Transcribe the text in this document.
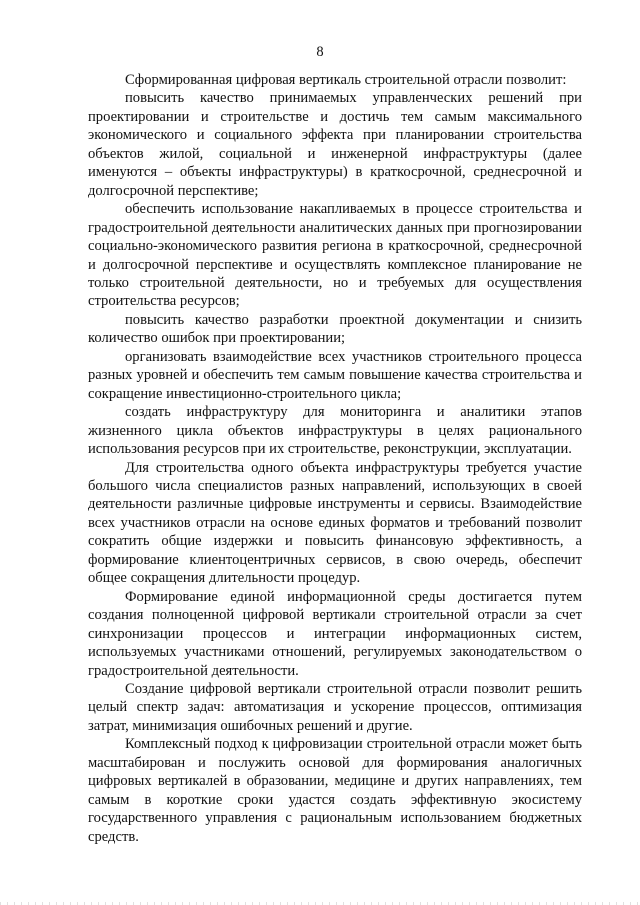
8

Сформированная цифровая вертикаль строительной отрасли позволит:

повысить качество принимаемых управленческих решений при проектировании и строительстве и достичь тем самым максимального экономического и социального эффекта при планировании строительства объектов жилой, социальной и инженерной инфраструктуры (далее именуются – объекты инфраструктуры) в краткосрочной, среднесрочной и долгосрочной перспективе;

обеспечить использование накапливаемых в процессе строительства и градостроительной деятельности аналитических данных при прогнозировании социально-экономического развития региона в краткосрочной, среднесрочной и долгосрочной перспективе и осуществлять комплексное планирование не только строительной деятельности, но и требуемых для осуществления строительства ресурсов;

повысить качество разработки проектной документации и снизить количество ошибок при проектировании;

организовать взаимодействие всех участников строительного процесса разных уровней и обеспечить тем самым повышение качества строительства и сокращение инвестиционно-строительного цикла;

создать инфраструктуру для мониторинга и аналитики этапов жизненного цикла объектов инфраструктуры в целях рационального использования ресурсов при их строительстве, реконструкции, эксплуатации.

Для строительства одного объекта инфраструктуры требуется участие большого числа специалистов разных направлений, использующих в своей деятельности различные цифровые инструменты и сервисы. Взаимодействие всех участников отрасли на основе единых форматов и требований позволит сократить общие издержки и повысить финансовую эффективность, а формирование клиентоцентричных сервисов, в свою очередь, обеспечит общее сокращения длительности процедур.

Формирование единой информационной среды достигается путем создания полноценной цифровой вертикали строительной отрасли за счет синхронизации процессов и интеграции информационных систем, используемых участниками отношений, регулируемых законодательством о градостроительной деятельности.

Создание цифровой вертикали строительной отрасли позволит решить целый спектр задач: автоматизация и ускорение процессов, оптимизация затрат, минимизация ошибочных решений и другие.

Комплексный подход к цифровизации строительной отрасли может быть масштабирован и послужить основой для формирования аналогичных цифровых вертикалей в образовании, медицине и других направлениях, тем самым в короткие сроки удастся создать эффективную экосистему государственного управления с рациональным использованием бюджетных средств.
